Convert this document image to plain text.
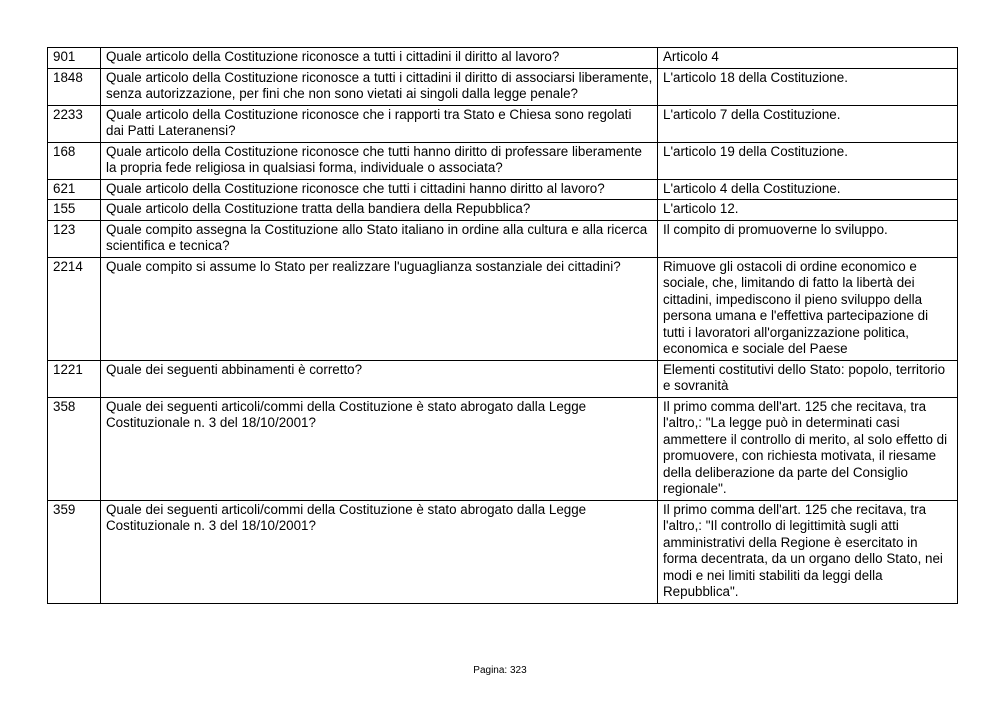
901	Quale articolo della Costituzione riconosce a tutti i cittadini il diritto al lavoro?	Articolo 4
1848	Quale articolo della Costituzione riconosce a tutti i cittadini il diritto di associarsi liberamente, senza autorizzazione, per fini che non sono vietati ai singoli dalla legge penale?	L'articolo 18 della Costituzione.
2233	Quale articolo della Costituzione riconosce che i rapporti tra Stato e Chiesa sono regolati dai Patti Lateranensi?	L'articolo 7 della Costituzione.
168	Quale articolo della Costituzione riconosce che tutti hanno diritto di professare liberamente la propria fede religiosa in qualsiasi forma, individuale o associata?	L'articolo 19 della Costituzione.
621	Quale articolo della Costituzione riconosce che tutti i cittadini hanno diritto al lavoro?	L'articolo 4 della Costituzione.
155	Quale articolo della Costituzione tratta della bandiera della Repubblica?	L'articolo 12.
123	Quale compito assegna la Costituzione allo Stato italiano in ordine alla cultura e alla ricerca scientifica e tecnica?	Il compito di promuoverne lo sviluppo.
2214	Quale compito si assume lo Stato per realizzare l'uguaglianza sostanziale dei cittadini?	Rimuove gli ostacoli di ordine economico e sociale, che, limitando di fatto la libertà dei cittadini, impediscono il pieno sviluppo della persona umana e l'effettiva partecipazione di tutti i lavoratori all'organizzazione politica, economica e sociale del Paese
1221	Quale dei seguenti abbinamenti è corretto?	Elementi costitutivi dello Stato: popolo, territorio e sovranità
358	Quale dei seguenti articoli/commi della Costituzione è stato abrogato dalla Legge Costituzionale n. 3 del 18/10/2001?	Il primo comma dell'art. 125 che recitava, tra l'altro,: "La legge può in determinati casi ammettere il controllo di merito, al solo effetto di promuovere, con richiesta motivata, il riesame della deliberazione da parte del Consiglio regionale".
359	Quale dei seguenti articoli/commi della Costituzione è stato abrogato dalla Legge Costituzionale n. 3 del 18/10/2001?	Il primo comma dell'art. 125 che recitava, tra l'altro,: "Il controllo di legittimità sugli atti amministrativi della Regione è esercitato in forma decentrata, da un organo dello Stato, nei modi e nei limiti stabiliti da leggi della Repubblica".
Pagina: 323
